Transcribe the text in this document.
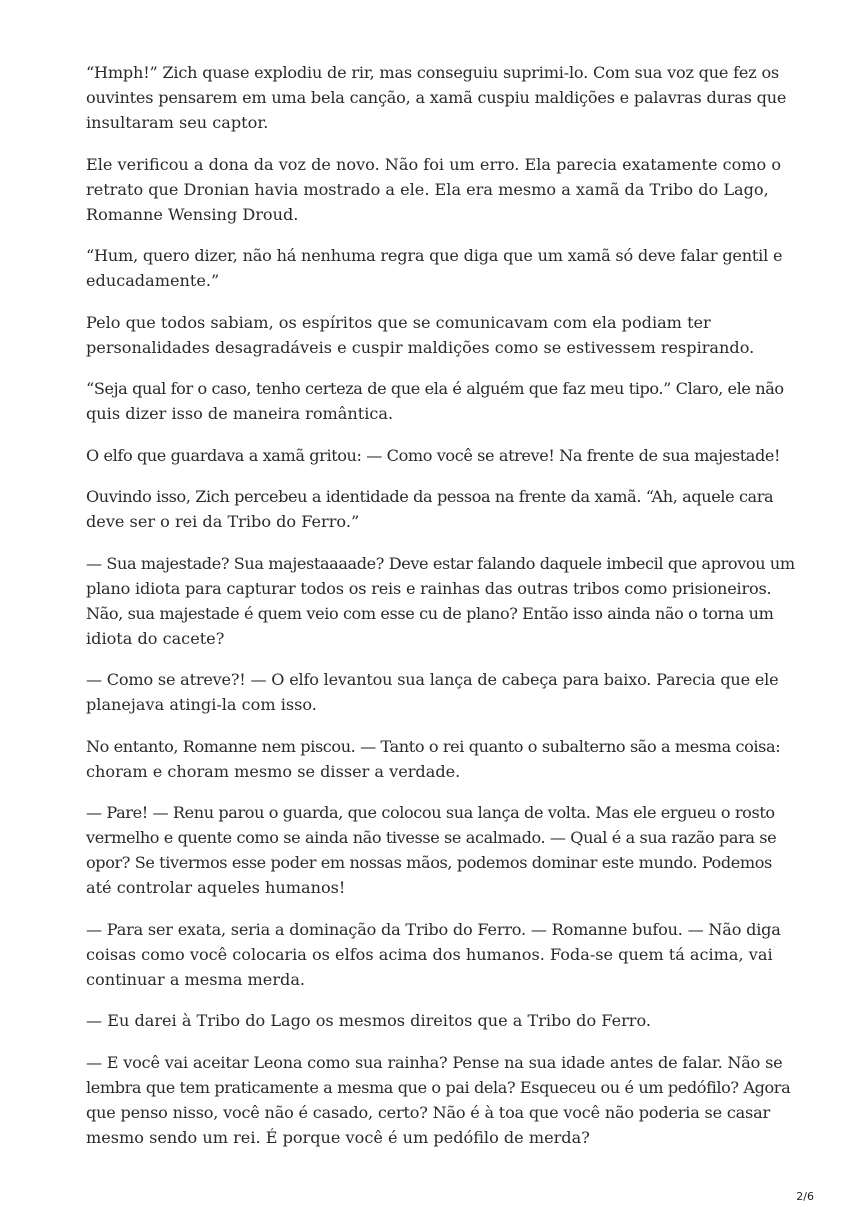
“Hmph!” Zich quase explodiu de rir, mas conseguiu suprimi-lo. Com sua voz que fez os
ouvintes pensarem em uma bela canção, a xamã cuspiu maldições e palavras duras que
insultaram seu captor.

Ele verificou a dona da voz de novo. Não foi um erro. Ela parecia exatamente como o
retrato que Dronian havia mostrado a ele. Ela era mesmo a xamã da Tribo do Lago,
Romanne Wensing Droud.

“Hum, quero dizer, não há nenhuma regra que diga que um xamã só deve falar gentil e
educadamente.”

Pelo que todos sabiam, os espíritos que se comunicavam com ela podiam ter
personalidades desagradáveis e cuspir maldições como se estivessem respirando.

“Seja qual for o caso, tenho certeza de que ela é alguém que faz meu tipo.” Claro, ele não
quis dizer isso de maneira romântica.

O elfo que guardava a xamã gritou: — Como você se atreve! Na frente de sua majestade!

Ouvindo isso, Zich percebeu a identidade da pessoa na frente da xamã. “Ah, aquele cara
deve ser o rei da Tribo do Ferro.”

— Sua majestade? Sua majestaaaade? Deve estar falando daquele imbecil que aprovou um
plano idiota para capturar todos os reis e rainhas das outras tribos como prisioneiros.
Não, sua majestade é quem veio com esse cu de plano? Então isso ainda não o torna um
idiota do cacete?

— Como se atreve?! — O elfo levantou sua lança de cabeça para baixo. Parecia que ele
planejava atingi-la com isso.

No entanto, Romanne nem piscou. — Tanto o rei quanto o subalterno são a mesma coisa:
choram e choram mesmo se disser a verdade.

— Pare! — Renu parou o guarda, que colocou sua lança de volta. Mas ele ergueu o rosto
vermelho e quente como se ainda não tivesse se acalmado. — Qual é a sua razão para se
opor? Se tivermos esse poder em nossas mãos, podemos dominar este mundo. Podemos
até controlar aqueles humanos!

— Para ser exata, seria a dominação da Tribo do Ferro. — Romanne bufou. — Não diga
coisas como você colocaria os elfos acima dos humanos. Foda-se quem tá acima, vai
continuar a mesma merda.

— Eu darei à Tribo do Lago os mesmos direitos que a Tribo do Ferro.

— E você vai aceitar Leona como sua rainha? Pense na sua idade antes de falar. Não se
lembra que tem praticamente a mesma que o pai dela? Esqueceu ou é um pedófilo? Agora
que penso nisso, você não é casado, certo? Não é à toa que você não poderia se casar
mesmo sendo um rei. É porque você é um pedófilo de merda?

2/6
